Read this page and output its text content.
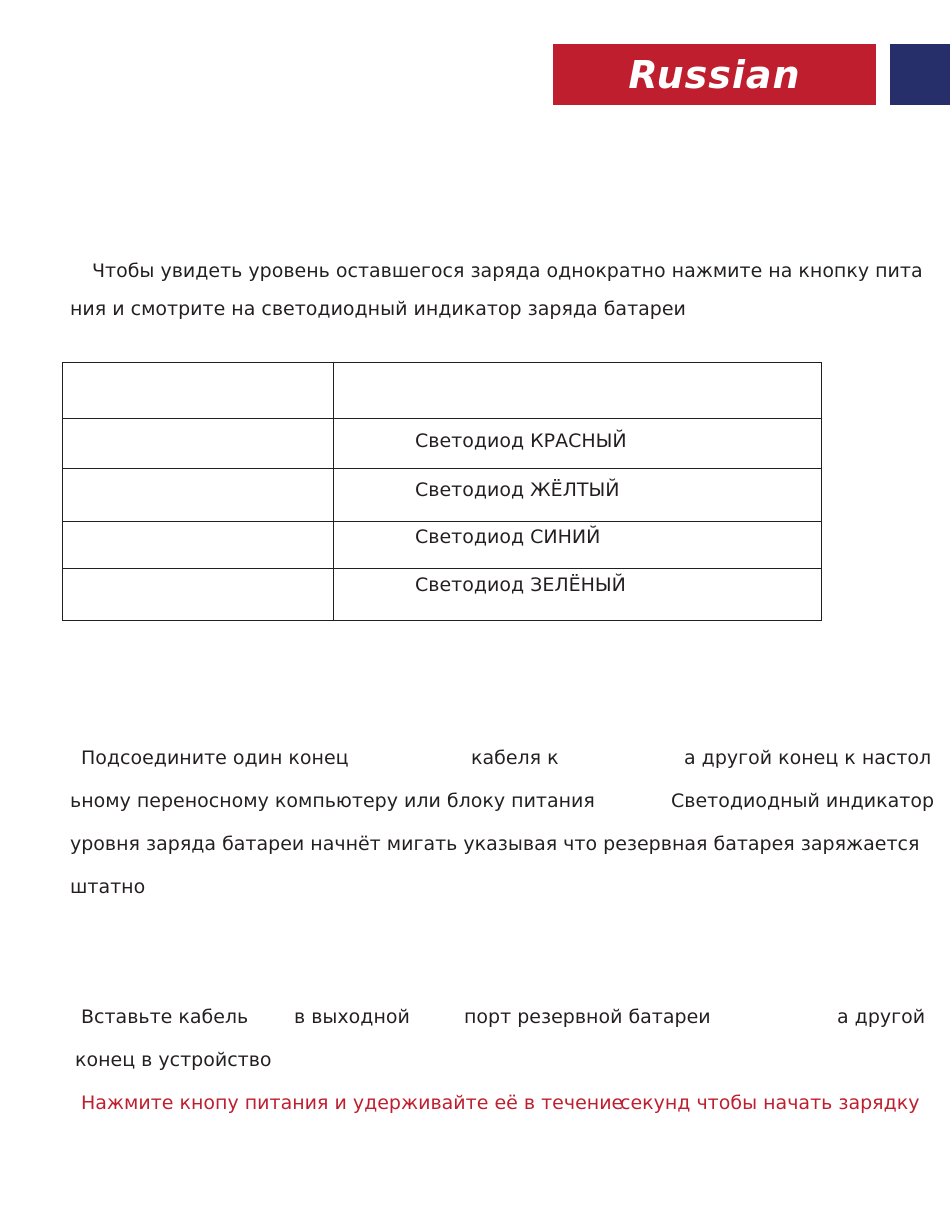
Russian
Чтобы увидеть уровень оставшегося заряда однократно нажмите на кнопку пита
ния и смотрите на светодиодный индикатор заряда батареи
Светодиод КРАСНЫЙ
Светодиод ЖЁЛТЫЙ
Светодиод СИНИЙ
Светодиод ЗЕЛЁНЫЙ
Подсоедините один конец	кабеля к	а другой конец к настол
ьному переносному компьютеру или блоку питания	Светодиодный индикатор
уровня заряда батареи начнёт мигать указывая что резервная батарея заряжается
штатно
Вставьте кабель в выходной	порт резервной батареи	а другой
конец в устройство
Нажмите кнопу питания и удерживайте её в течение
секунд чтобы начать зарядку
